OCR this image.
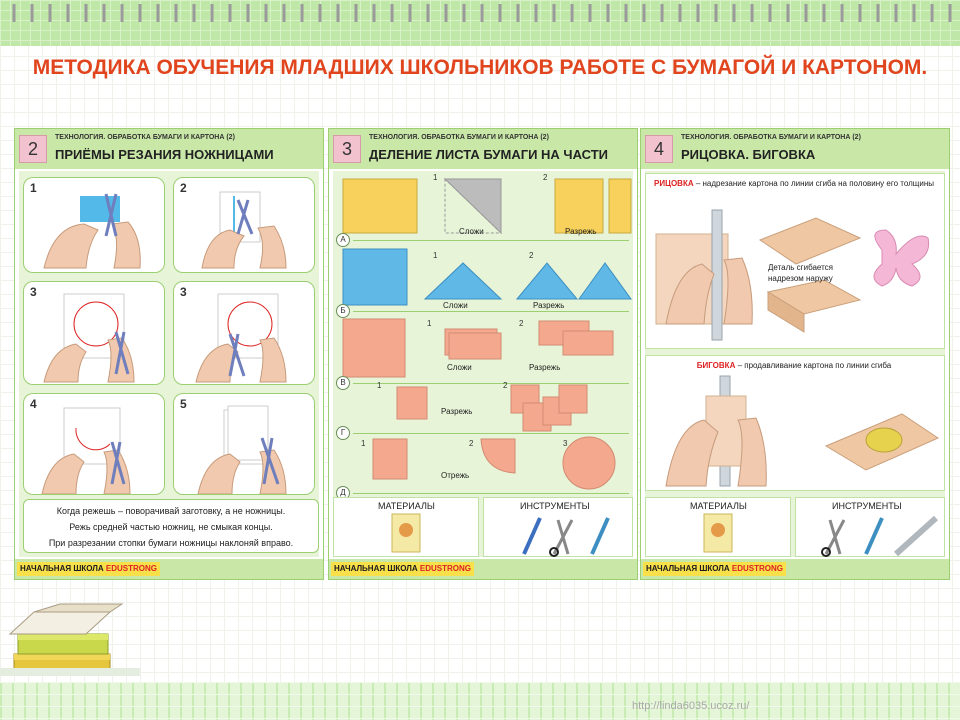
МЕТОДИКА ОБУЧЕНИЯ МЛАДШИХ ШКОЛЬНИКОВ РАБОТЕ С БУМАГОЙ И КАРТОНОМ.
2
ТЕХНОЛОГИЯ. ОБРАБОТКА БУМАГИ И КАРТОНА (2)
ПРИЁМЫ РЕЗАНИЯ НОЖНИЦАМИ
1	2
3	3
4	5
Когда режешь – поворачивай заготовку, а не ножницы.
Режь средней частью ножниц, не смыкая концы.
При разрезании стопки бумаги ножницы наклоняй вправо.
НАЧАЛЬНАЯ ШКОЛА EDUSTRONG
3
ТЕХНОЛОГИЯ. ОБРАБОТКА БУМАГИ И КАРТОНА (2)
ДЕЛЕНИЕ ЛИСТА БУМАГИ НА ЧАСТИ
А
Б
В
Г
Д
1	2
Сложи	Разрежь
1	2
Сложи	Разрежь
1	2
Сложи	Разрежь
1	2
Разрежь
1	2	3
Отрежь
МАТЕРИАЛЫ	ИНСТРУМЕНТЫ
НАЧАЛЬНАЯ ШКОЛА EDUSTRONG
4
ТЕХНОЛОГИЯ. ОБРАБОТКА БУМАГИ И КАРТОНА (2)
РИЦОВКА. БИГОВКА
РИЦОВКА – надрезание картона по линии сгиба на половину его толщины
Деталь сгибается надрезом наружу
БИГОВКА – продавливание картона по линии сгиба
МАТЕРИАЛЫ	ИНСТРУМЕНТЫ
НАЧАЛЬНАЯ ШКОЛА EDUSTRONG
http://linda6035.ucoz.ru/
